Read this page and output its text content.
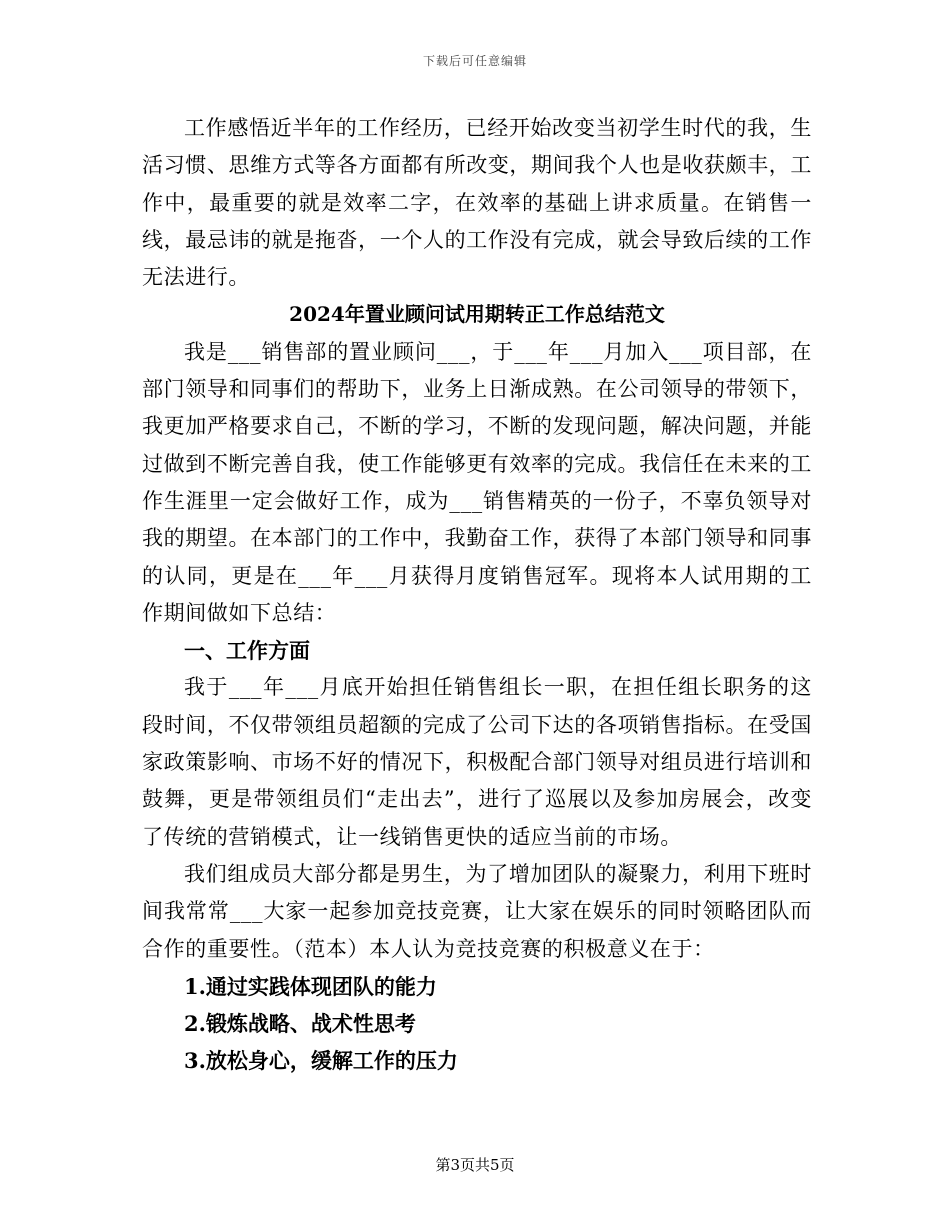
下载后可任意编辑

工作感悟近半年的工作经历，已经开始改变当初学生时代的我，生活习惯、思维方式等各方面都有所改变，期间我个人也是收获颇丰，工作中，最重要的就是效率二字，在效率的基础上讲求质量。在销售一线，最忌讳的就是拖沓，一个人的工作没有完成，就会导致后续的工作无法进行。

2024年置业顾问试用期转正工作总结范文

我是___销售部的置业顾问___，于___年___月加入___项目部，在部门领导和同事们的帮助下，业务上日渐成熟。在公司领导的带领下，我更加严格要求自己，不断的学习，不断的发现问题，解决问题，并能过做到不断完善自我，使工作能够更有效率的完成。我信任在未来的工作生涯里一定会做好工作，成为___销售精英的一份子，不辜负领导对我的期望。在本部门的工作中，我勤奋工作，获得了本部门领导和同事的认同，更是在___年___月获得月度销售冠军。现将本人试用期的工作期间做如下总结：

一、工作方面

我于___年___月底开始担任销售组长一职，在担任组长职务的这段时间，不仅带领组员超额的完成了公司下达的各项销售指标。在受国家政策影响、市场不好的情况下，积极配合部门领导对组员进行培训和鼓舞，更是带领组员们“走出去”，进行了巡展以及参加房展会，改变了传统的营销模式，让一线销售更快的适应当前的市场。

我们组成员大部分都是男生，为了增加团队的凝聚力，利用下班时间我常常___大家一起参加竞技竞赛，让大家在娱乐的同时领略团队而合作的重要性。（范本）本人认为竞技竞赛的积极意义在于：

1.通过实践体现团队的能力

2.锻炼战略、战术性思考

3.放松身心，缓解工作的压力

第3页共5页
